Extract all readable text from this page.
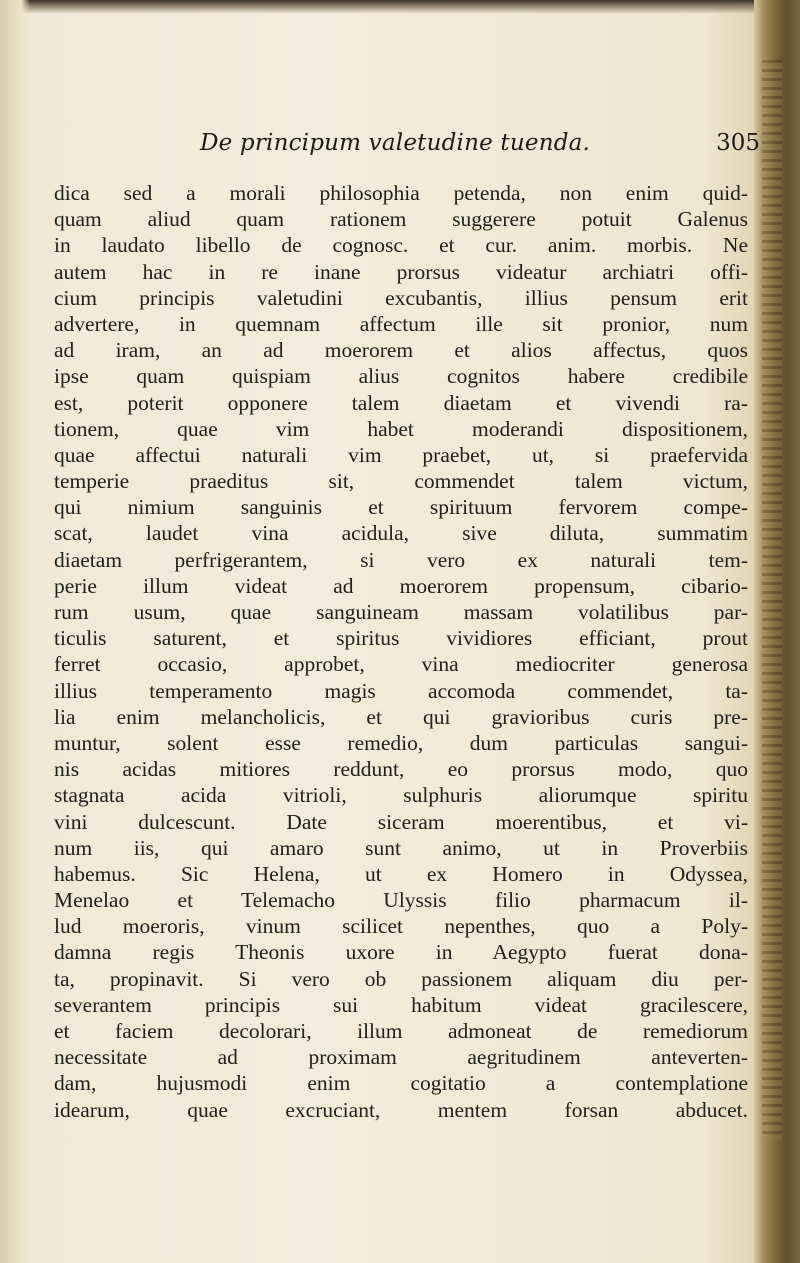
De principum valetudine tuenda.	305
dica sed a morali philosophia petenda, non enim quid-
quam aliud quam rationem suggerere potuit Galenus
in laudato libello de cognosc. et cur. anim. morbis. Ne
autem hac in re inane prorsus videatur archiatri offi-
cium principis valetudini excubantis, illius pensum erit
advertere, in quemnam affectum ille sit pronior, num
ad iram, an ad moerorem et alios affectus, quos
ipse quam quispiam alius cognitos habere credibile
est, poterit opponere talem diaetam et vivendi ra-
tionem, quae vim habet moderandi dispositionem,
quae affectui naturali vim praebet, ut, si praefervida
temperie praeditus sit, commendet talem victum,
qui nimium sanguinis et spirituum fervorem compe-
scat, laudet vina acidula, sive diluta, summatim
diaetam perfrigerantem, si vero ex naturali tem-
perie illum videat ad moerorem propensum, cibario-
rum usum, quae sanguineam massam volatilibus par-
ticulis saturent, et spiritus vividiores efficiant, prout
ferret occasio, approbet, vina mediocriter generosa
illius temperamento magis accomoda commendet, ta-
lia enim melancholicis, et qui gravioribus curis pre-
muntur, solent esse remedio, dum particulas sangui-
nis acidas mitiores reddunt, eo prorsus modo, quo
stagnata acida vitrioli, sulphuris aliorumque spiritu
vini dulcescunt. Date siceram moerentibus, et vi-
num iis, qui amaro sunt animo, ut in Proverbiis
habemus. Sic Helena, ut ex Homero in Odyssea,
Menelao et Telemacho Ulyssis filio pharmacum il-
lud moeroris, vinum scilicet nepenthes, quo a Poly-
damna regis Theonis uxore in Aegypto fuerat dona-
ta, propinavit. Si vero ob passionem aliquam diu per-
severantem principis sui habitum videat gracilescere,
et faciem decolorari, illum admoneat de remediorum
necessitate ad proximam aegritudinem anteverten-
dam, hujusmodi enim cogitatio a contemplatione
idearum, quae excruciant, mentem forsan abducet.
